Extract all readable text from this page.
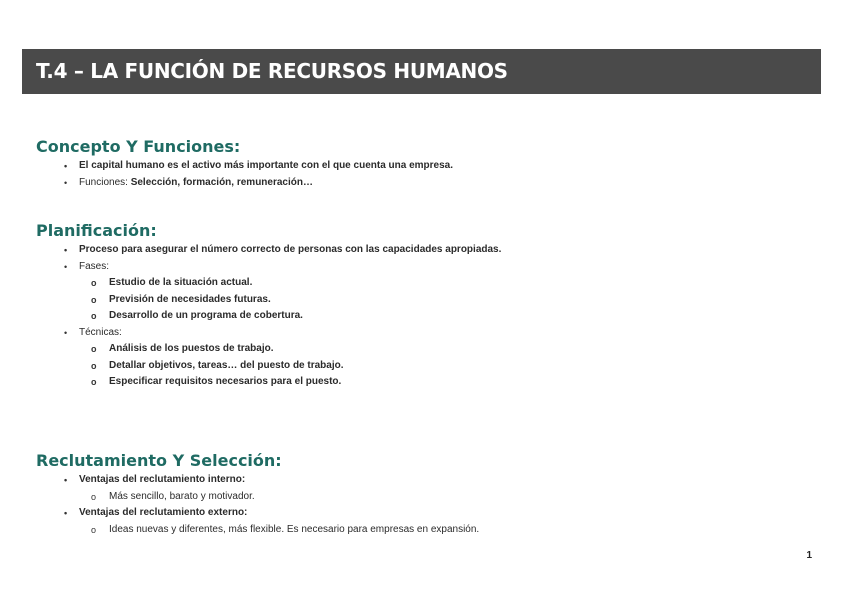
T.4 – LA FUNCIÓN DE RECURSOS HUMANOS
Concepto Y Funciones:
• El capital humano es el activo más importante con el que cuenta una empresa.
• Funciones: Selección, formación, remuneración…
Planificación:
• Proceso para asegurar el número correcto de personas con las capacidades apropiadas.
• Fases:
o Estudio de la situación actual.
o Previsión de necesidades futuras.
o Desarrollo de un programa de cobertura.
• Técnicas:
o Análisis de los puestos de trabajo.
o Detallar objetivos, tareas… del puesto de trabajo.
o Especificar requisitos necesarios para el puesto.
Reclutamiento Y Selección:
• Ventajas del reclutamiento interno:
o Más sencillo, barato y motivador.
• Ventajas del reclutamiento externo:
o Ideas nuevas y diferentes, más flexible. Es necesario para empresas en expansión.
1
